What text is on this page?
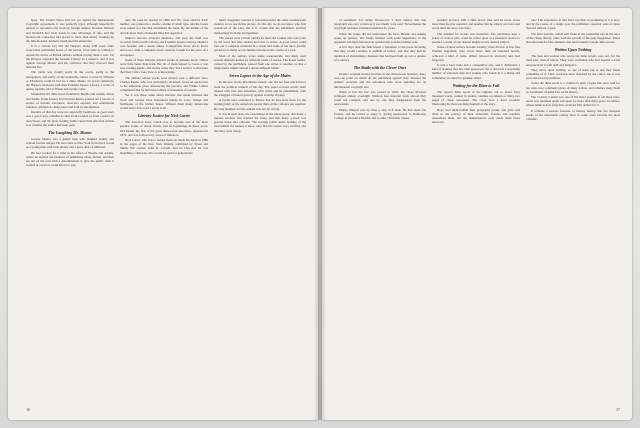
hope. The United States had not yet signed the International Copyright Agreement, it was perfectly legal, although imperfectly ethical, to reproduce any work by foreign authors. Rossiter Johnson and Newkirk had been quick to take advantage of this, and the Bookworm Collection had grown to more than ninety volumes by the time Rossiter Johnson abandoned the enterprise.

It is a curious fact that the Harpers, along with every other respectable publishing house of the period, were quite as willing to reprint the works of British authors without paying them a cent. Yet the Harpers regarded the Seaside Library as a menace, and it was against George Munro and his confreres that they directed their heaviest fire.

The battle was fought partly in the courts, partly in the newspapers, and partly on the bookstalls, where a novel by Dickens or Thackeray could be had for a dime. Munro cut prices ruthlessly; the Harpers retaliated with their Franklin Square Library, a series of quarto reprints sold at fifteen and twenty cents.

Meanwhile the dime novel flourished. Beadle and Adams, Street and Smith, Frank Tousey and Norman Munro poured out a torrent of stories of frontier adventure, detective exploits, and sentimental romance, printed on cheap paper and sold by the millions.

Readers of that day were not especially fastidious. A good story was a good story, whether it came from London or from a garret on Ann Street, and the great reading public cared little who had written it or whether the author had been paid.

The Laughing Mr. Munro

George Munro was a genial man who laughed readily and seldom lost his temper. He had come to New York from Nova Scotia as a young man with little money and a great deal of ambition.

He had worked for a time in the office of Beadle and Adams, where he learned the business of publishing cheap fiction, and then set out on his own with a determination to give the public what it wanted at a price it could afford to pay.

only the ones he needed in 1880 and '81, were elected. Each number was printed in a double column of small type, and the books were issued at a rate that astonished the trade. By the middle of the decade more than a thousand titles had appeared.

Munro's success attracted imitators, and soon the field was crowded with Lovell's Library, the Franklin Square Library, Munro's own Seaside, and a dozen others. Competition drove prices lower and lower, until a complete novel could be bought for the price of a newspaper.

Some of these libraries printed works of genuine merit. Others were little better than trash. But all of them helped to create a vast new reading public, and in that sense they did a service to literature that their critics were slow to acknowledge.

The authors whose works were pirated took a different view. Charles Reade, who was particularly incensed, wrote an open letter to the American press denouncing the practice, and Wilkie Collins complained that he had been robbed of thousands of pounds.

Yet it was these same cheap libraries that made Dickens and Scott and George Eliot household names in every village and farmhouse of the United States. Without them many Americans would never have read a novel at all.

Literary Justice for Nick Carter

The detective story, which was to become one of the most popular forms of cheap fiction, had its beginnings in these years. Old Sleuth, the first of the great dime-novel detectives, appeared in 1872, and was followed by a host of imitators.

Nick Carter, who was to outlast them all, made his debut in 1886 in the pages of the New York Weekly, published by Street and Smith. His creator, John R. Coryell, had no idea that he was launching a character who would be read for generations.

men's magazine; learned it concealed under the same weatherworn exterior as we see in this picture. To this day we do not know who first conceived of the idea, but it is certain that the publishers profited handsomely from the arrangement.

The stories were written rapidly by men and women who were paid by the word and who seldom had time to revise. A good writer could turn out a complete novelette in a week, and some of the more prolific produced as many as two hundred stories in the course of a year.

Most of the authors wrote under pseudonyms, and many used several different names for different kinds of stories. The house names, owned by the publishers, passed from one writer to another, so that a single name might conceal a dozen different hands.

Seven Lapses in the Age of the Mules

In the new books that Munro issued, one did not find much flavor from the political turmoil of the day. The paper-covered novels dealt instead with love and adventure, with crime and its punishment, with the struggles of honest poverty against wealthy villainy.

A friend once remarked to Munro that he had done more for the reading habit of the American people than all the colleges put together. He only laughed, but the remark was not far wrong.

It was in such dens, the sweatshops of the cheap press, that many a famous novelist first learned the trade, and that many a hack was ground down into oblivion. The reading public knew nothing of the men behind the names; it knew only that the stories were exciting and that they were cheap.

36

of sentiment. For Judge Woodward, 'I don't believe that that paragraph was ever written as it was meant to be read.' Nevertheless the copyright question remained unsettled for years.

When the Judge did not understand the facts, Beadle and Adams spoke up quickly. The Judge listened with some impatience to the argument and then delivered an opinion that satisfied neither side.

A few days later the firm issued a statement to the press declaring that they would continue to publish as before, and that they had no intention of abandoning a business that had been built up over a quarter of a century.

The Battle with the Clever Ones

Despite constant heated rivalries in the cheap-book business, there was one point on which all the publishers agreed: they detested the authors' societies and the reformers who were agitating for an international copyright law.

When at last the law was passed in 1891, the cheap libraries collapsed almost overnight. Without free material from abroad they could not compete, and one by one they disappeared from the newsstands.

Munro himself was by then a very rich man. He had made his fortune, and he retired to enjoy it, giving generously to Dalhousie College in his native Halifax and to other charitable causes.

possibly produce with a dime novel. One said he never wrote more than the plot required, and another that he simply sat down and wrote until the story was done.

The demand for stories was insatiable. The publishers kept a stable of writers who could be called upon at a moment's notice to produce a serial of any desired length on any desired subject.

Some of these writers became wealthy; most did not. A few, like Prentiss Ingraham, who wrote more than six hundred novels, achieved a kind of fame. Others labored in obscurity and died forgotten.

It was a hard trade and a competitive one, and it demanded a kind of stamina that few men possessed. Yet it attracted a surprising number of educated men and women who found in it a living and sometimes an outlet for genuine talent.

Waiting for the Dime to Fall

The typical dime novel of the eighties ran to about forty thousand words, printed in double columns on sixteen or thirty-two pages of cheap newsprint. The cover bore a lurid woodcut illustrating the most exciting moment of the story.

Boys read them behind their geography books, and girls read them in the privacy of their bedrooms. Parents and teachers denounced them, but the denunciations only made them more attractive.

one.' The experience in that field was then as promising as it is now, and in the course of a single year the publishers reported sales of more than ten million copies.

The final episode, which will make at the promising rate in the days of the cheap library, came with the growth of the pulp magazines. These absorbed much of the audience that had formerly bought dime novels.

Written Upon Nothing

The men and women who wrote the dime novels were not, for the most part, men of letters. They were craftsmen who had learned a trade and practiced it with skill and diligence.

They wrote upon nothing, as one of them put it, and they made something of it. Their work has been despised by the critics, but it was read and loved by millions.

Today the dime novel is a collector's item. Copies that once sold for ten cents now command prices of many dollars, and scholars study them as documents of American social history.

The Country Cousin was one of the most popular of all these tales, and it was reprinted again and again for more than thirty years. Its author, whose name is now forgotten, received fifty dollars for it.

It remains a curious footnote to literary history that the cheapest books of the nineteenth century have in some cases become the most valuable.

37
